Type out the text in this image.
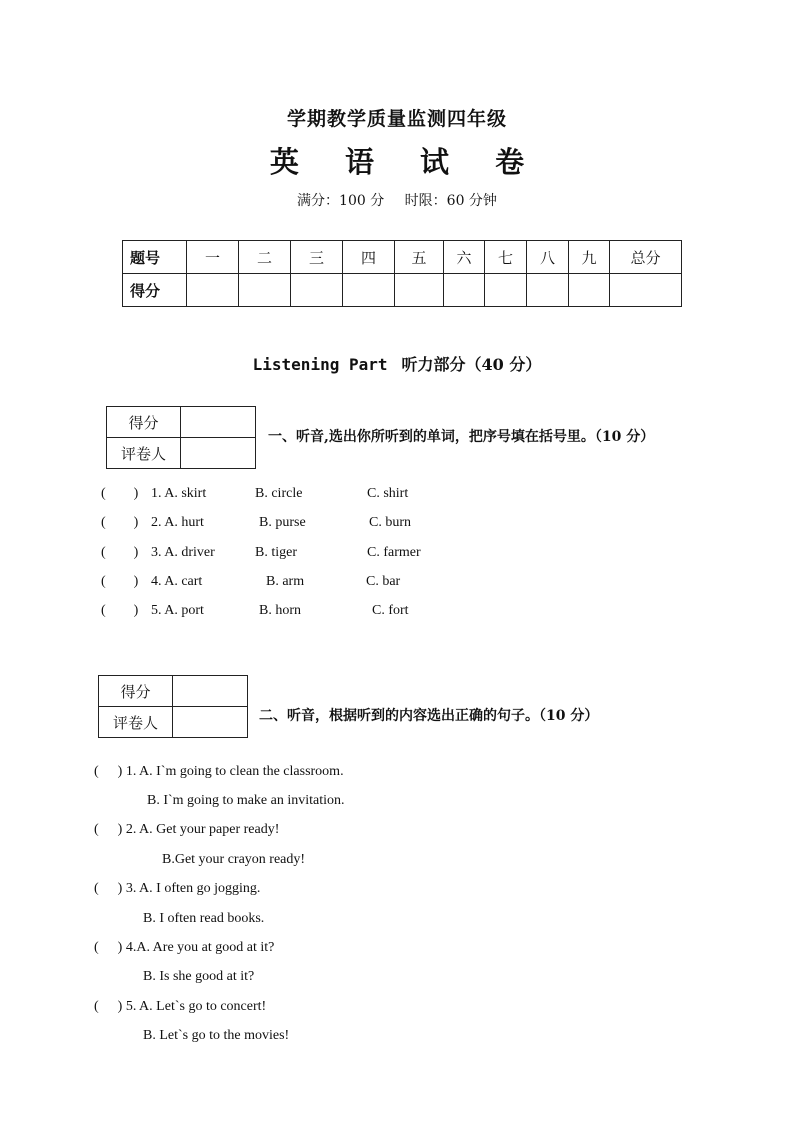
学期教学质量监测四年级
英 语 试 卷
满分：100 分 时限：60 分钟
题号	一	二	三	四	五	六	七	八	九	总分
得分										
Listening Part 听力部分（40 分）
得分	
评卷人	
一、听音,选出你所听到的单词，把序号填在括号里。（10 分）
( ) 1. A. skirt	B. circle	C. shirt
( ) 2. A. hurt	B. purse	C. burn
( ) 3. A. driver	B. tiger	C. farmer
( ) 4. A. cart	B. arm	C. bar
( ) 5. A. port	B. horn	C. fort
得分	
评卷人		二、听音，根据听到的内容选出正确的句子。（10 分）
( ) 1. A. I`m going to clean the classroom.
B. I`m going to make an invitation.
( ) 2. A. Get your paper ready!
B.Get your crayon ready!
( ) 3. A. I often go jogging.
B. I often read books.
( ) 4.A. Are you at good at it?
B. Is she good at it?
( ) 5. A. Let`s go to concert!
B. Let`s go to the movies!
